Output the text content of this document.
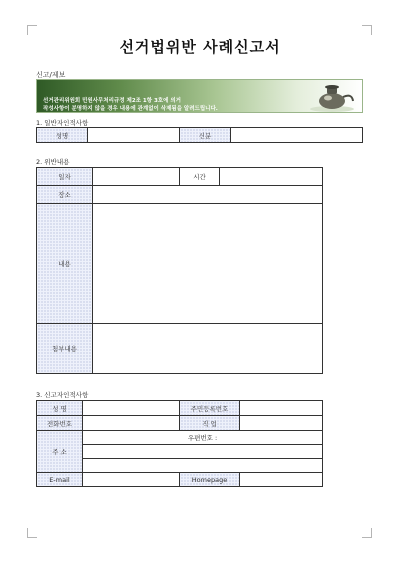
선거법위반 사례신고서
신고/제보
선거관리위원회 민원사무처리규정 제2조 1항 3호에 의거
작성사항이 분명하지 않을 경우 내용에 관계없이 삭제됨을 알려드립니다.
1. 일반자인적사항
성명		신분	
2. 위반내용
일자		시간	
장소			
내용			
첨부내용			
3. 신고자인적사항
성 명		주민등록번호	
전화번호		직 업	
주 소	우편번호 :		

E-mail		Homepage	
